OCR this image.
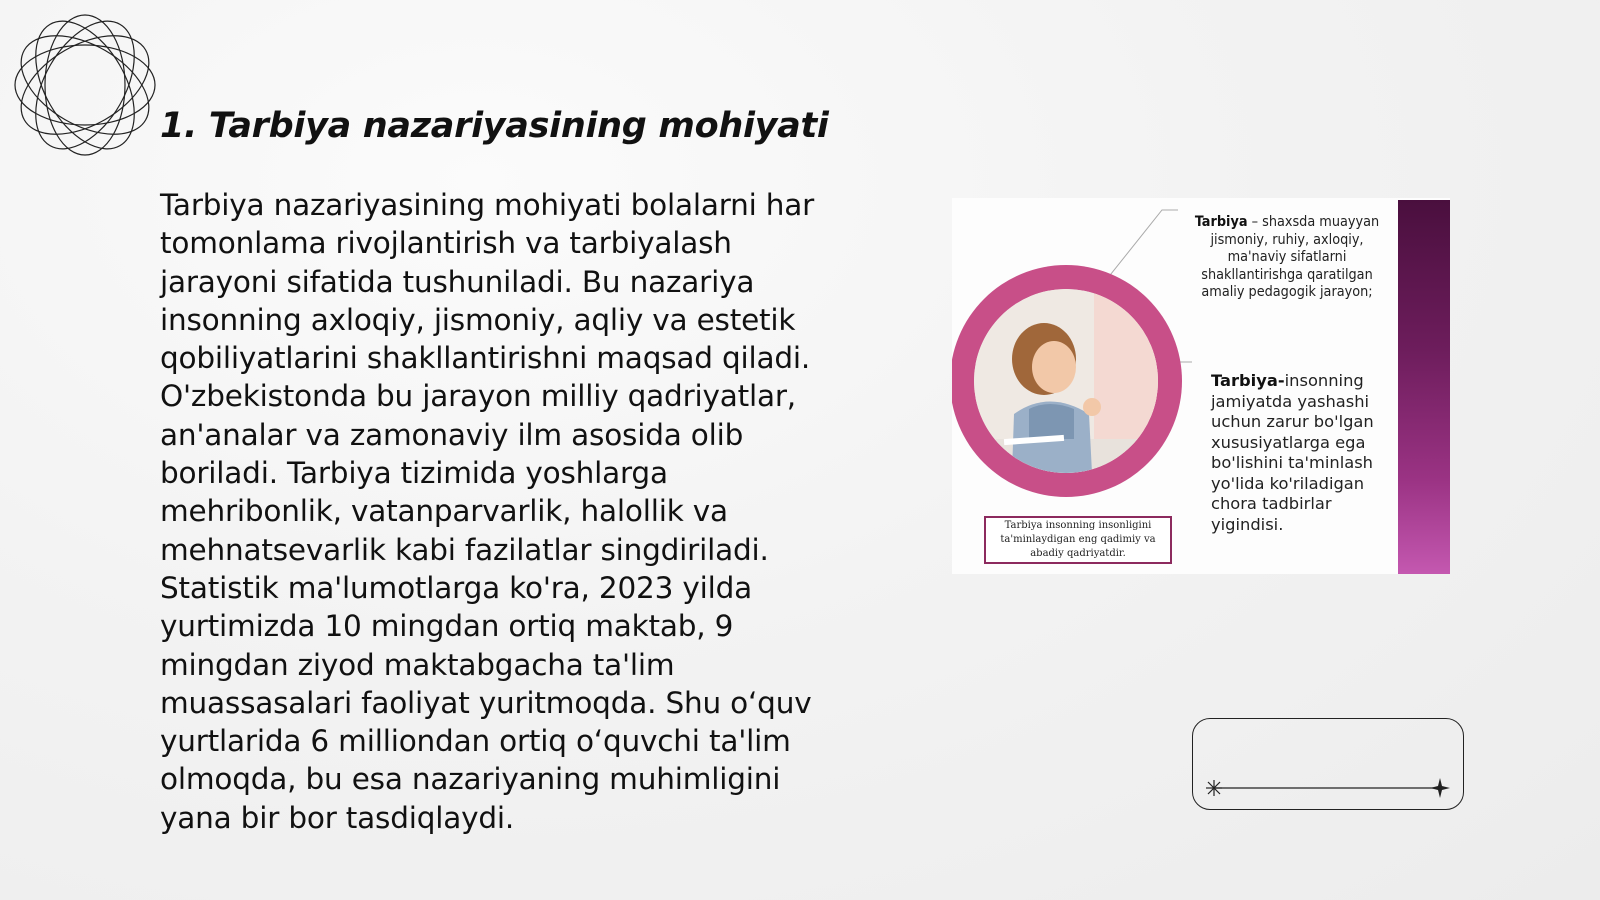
1. Tarbiya nazariyasining mohiyati

Tarbiya nazariyasining mohiyati bolalarni har tomonlama rivojlantirish va tarbiyalash jarayoni sifatida tushuniladi. Bu nazariya insonning axloqiy, jismoniy, aqliy va estetik qobiliyatlarini shakllantirishni maqsad qiladi. O'zbekistonda bu jarayon milliy qadriyatlar, an'analar va zamonaviy ilm asosida olib boriladi. Tarbiya tizimida yoshlarga mehribonlik, vatanparvarlik, halollik va mehnatsevarlik kabi fazilatlar singdiriladi. Statistik ma'lumotlarga ko'ra, 2023 yilda yurtimizda 10 mingdan ortiq maktab, 9 mingdan ziyod maktabgacha ta'lim muassasalari faoliyat yuritmoqda. Shu o‘quv yurtlarida 6 milliondan ortiq o‘quvchi ta'lim olmoqda, bu esa nazariyaning muhimligini yana bir bor tasdiqlaydi.

Tarbiya – shaxsda muayyan jismoniy, ruhiy, axloqiy, ma'naviy sifatlarni shakllantirishga qaratilgan amaliy pedagogik jarayon;

Tarbiya-insonning jamiyatda yashashi uchun zarur bo'lgan xususiyatlarga ega bo'lishini ta'minlash yo'lida ko'riladigan chora tadbirlar yigindisi.

Tarbiya insonning insonligini ta'minlaydigan eng qadimiy va abadiy qadriyatdir.
